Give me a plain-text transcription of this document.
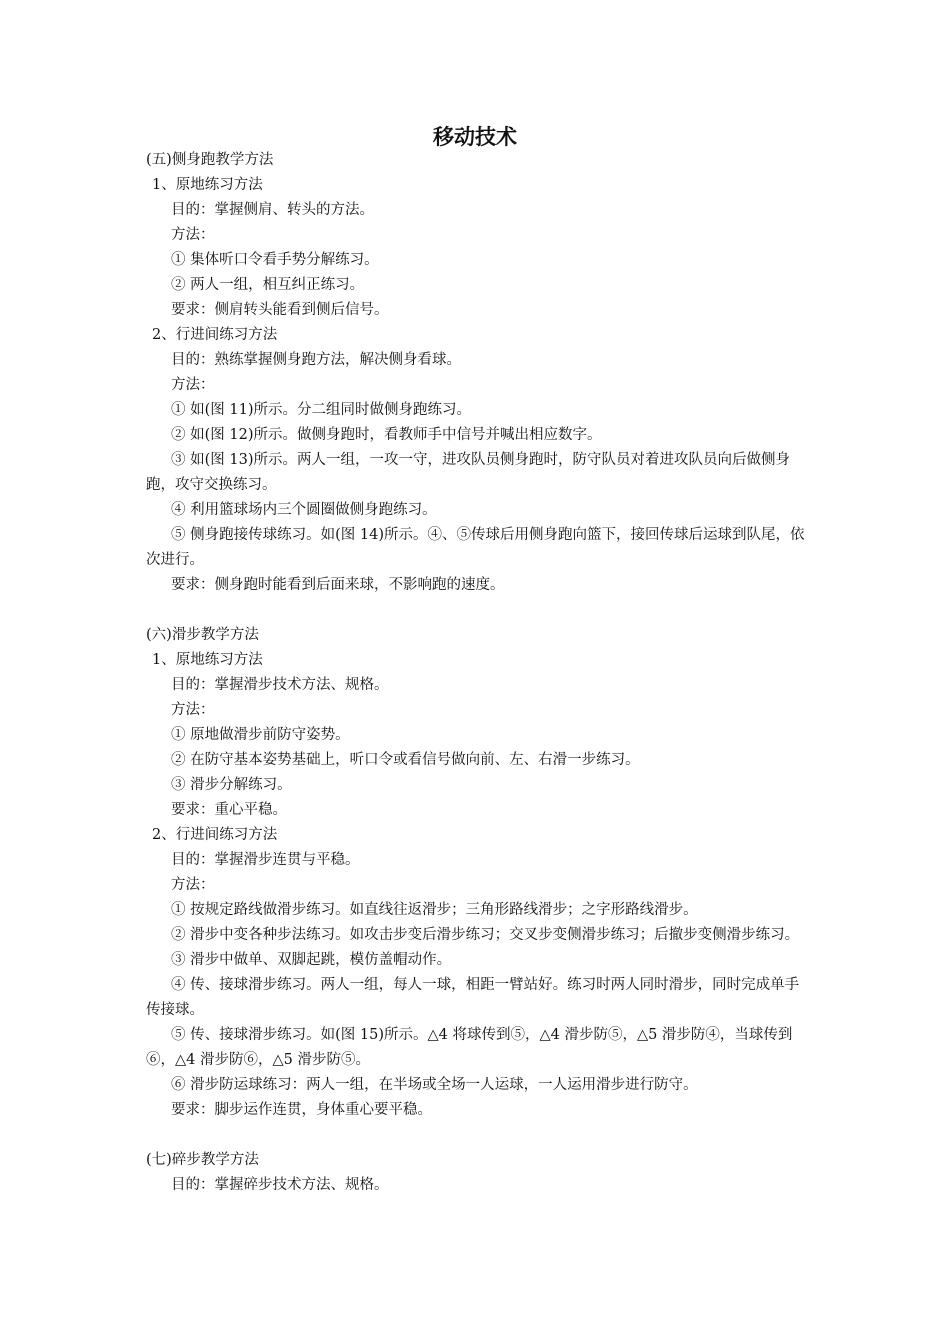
移动技术

(五)侧身跑教学方法

1、原地练习方法

目的：掌握侧肩、转头的方法。

方法：

① 集体听口令看手势分解练习。

② 两人一组，相互纠正练习。

要求：侧肩转头能看到侧后信号。

2、行进间练习方法

目的：熟练掌握侧身跑方法，解决侧身看球。

方法：

① 如(图 11)所示。分二组同时做侧身跑练习。

② 如(图 12)所示。做侧身跑时，看教师手中信号并喊出相应数字。

③ 如(图 13)所示。两人一组，一攻一守，进攻队员侧身跑时，防守队员对着进攻队员向后做侧身跑，攻守交换练习。

④ 利用篮球场内三个圆圈做侧身跑练习。

⑤ 侧身跑接传球练习。如(图 14)所示。④、⑤传球后用侧身跑向篮下，接回传球后运球到队尾，依次进行。

要求：侧身跑时能看到后面来球，不影响跑的速度。

(六)滑步教学方法

1、原地练习方法

目的：掌握滑步技术方法、规格。

方法：

① 原地做滑步前防守姿势。

② 在防守基本姿势基础上，听口令或看信号做向前、左、右滑一步练习。

③ 滑步分解练习。

要求：重心平稳。

2、行进间练习方法

目的：掌握滑步连贯与平稳。

方法：

① 按规定路线做滑步练习。如直线往返滑步；三角形路线滑步；之字形路线滑步。

② 滑步中变各种步法练习。如攻击步变后滑步练习；交叉步变侧滑步练习；后撤步变侧滑步练习。

③ 滑步中做单、双脚起跳，模仿盖帽动作。

④ 传、接球滑步练习。两人一组，每人一球，相距一臂站好。练习时两人同时滑步，同时完成单手传接球。

⑤ 传、接球滑步练习。如(图 15)所示。△4 将球传到⑤，△4 滑步防⑤，△5 滑步防④，当球传到⑥，△4 滑步防⑥，△5 滑步防⑤。

⑥ 滑步防运球练习：两人一组，在半场或全场一人运球，一人运用滑步进行防守。

要求：脚步运作连贯，身体重心要平稳。

(七)碎步教学方法

目的：掌握碎步技术方法、规格。
